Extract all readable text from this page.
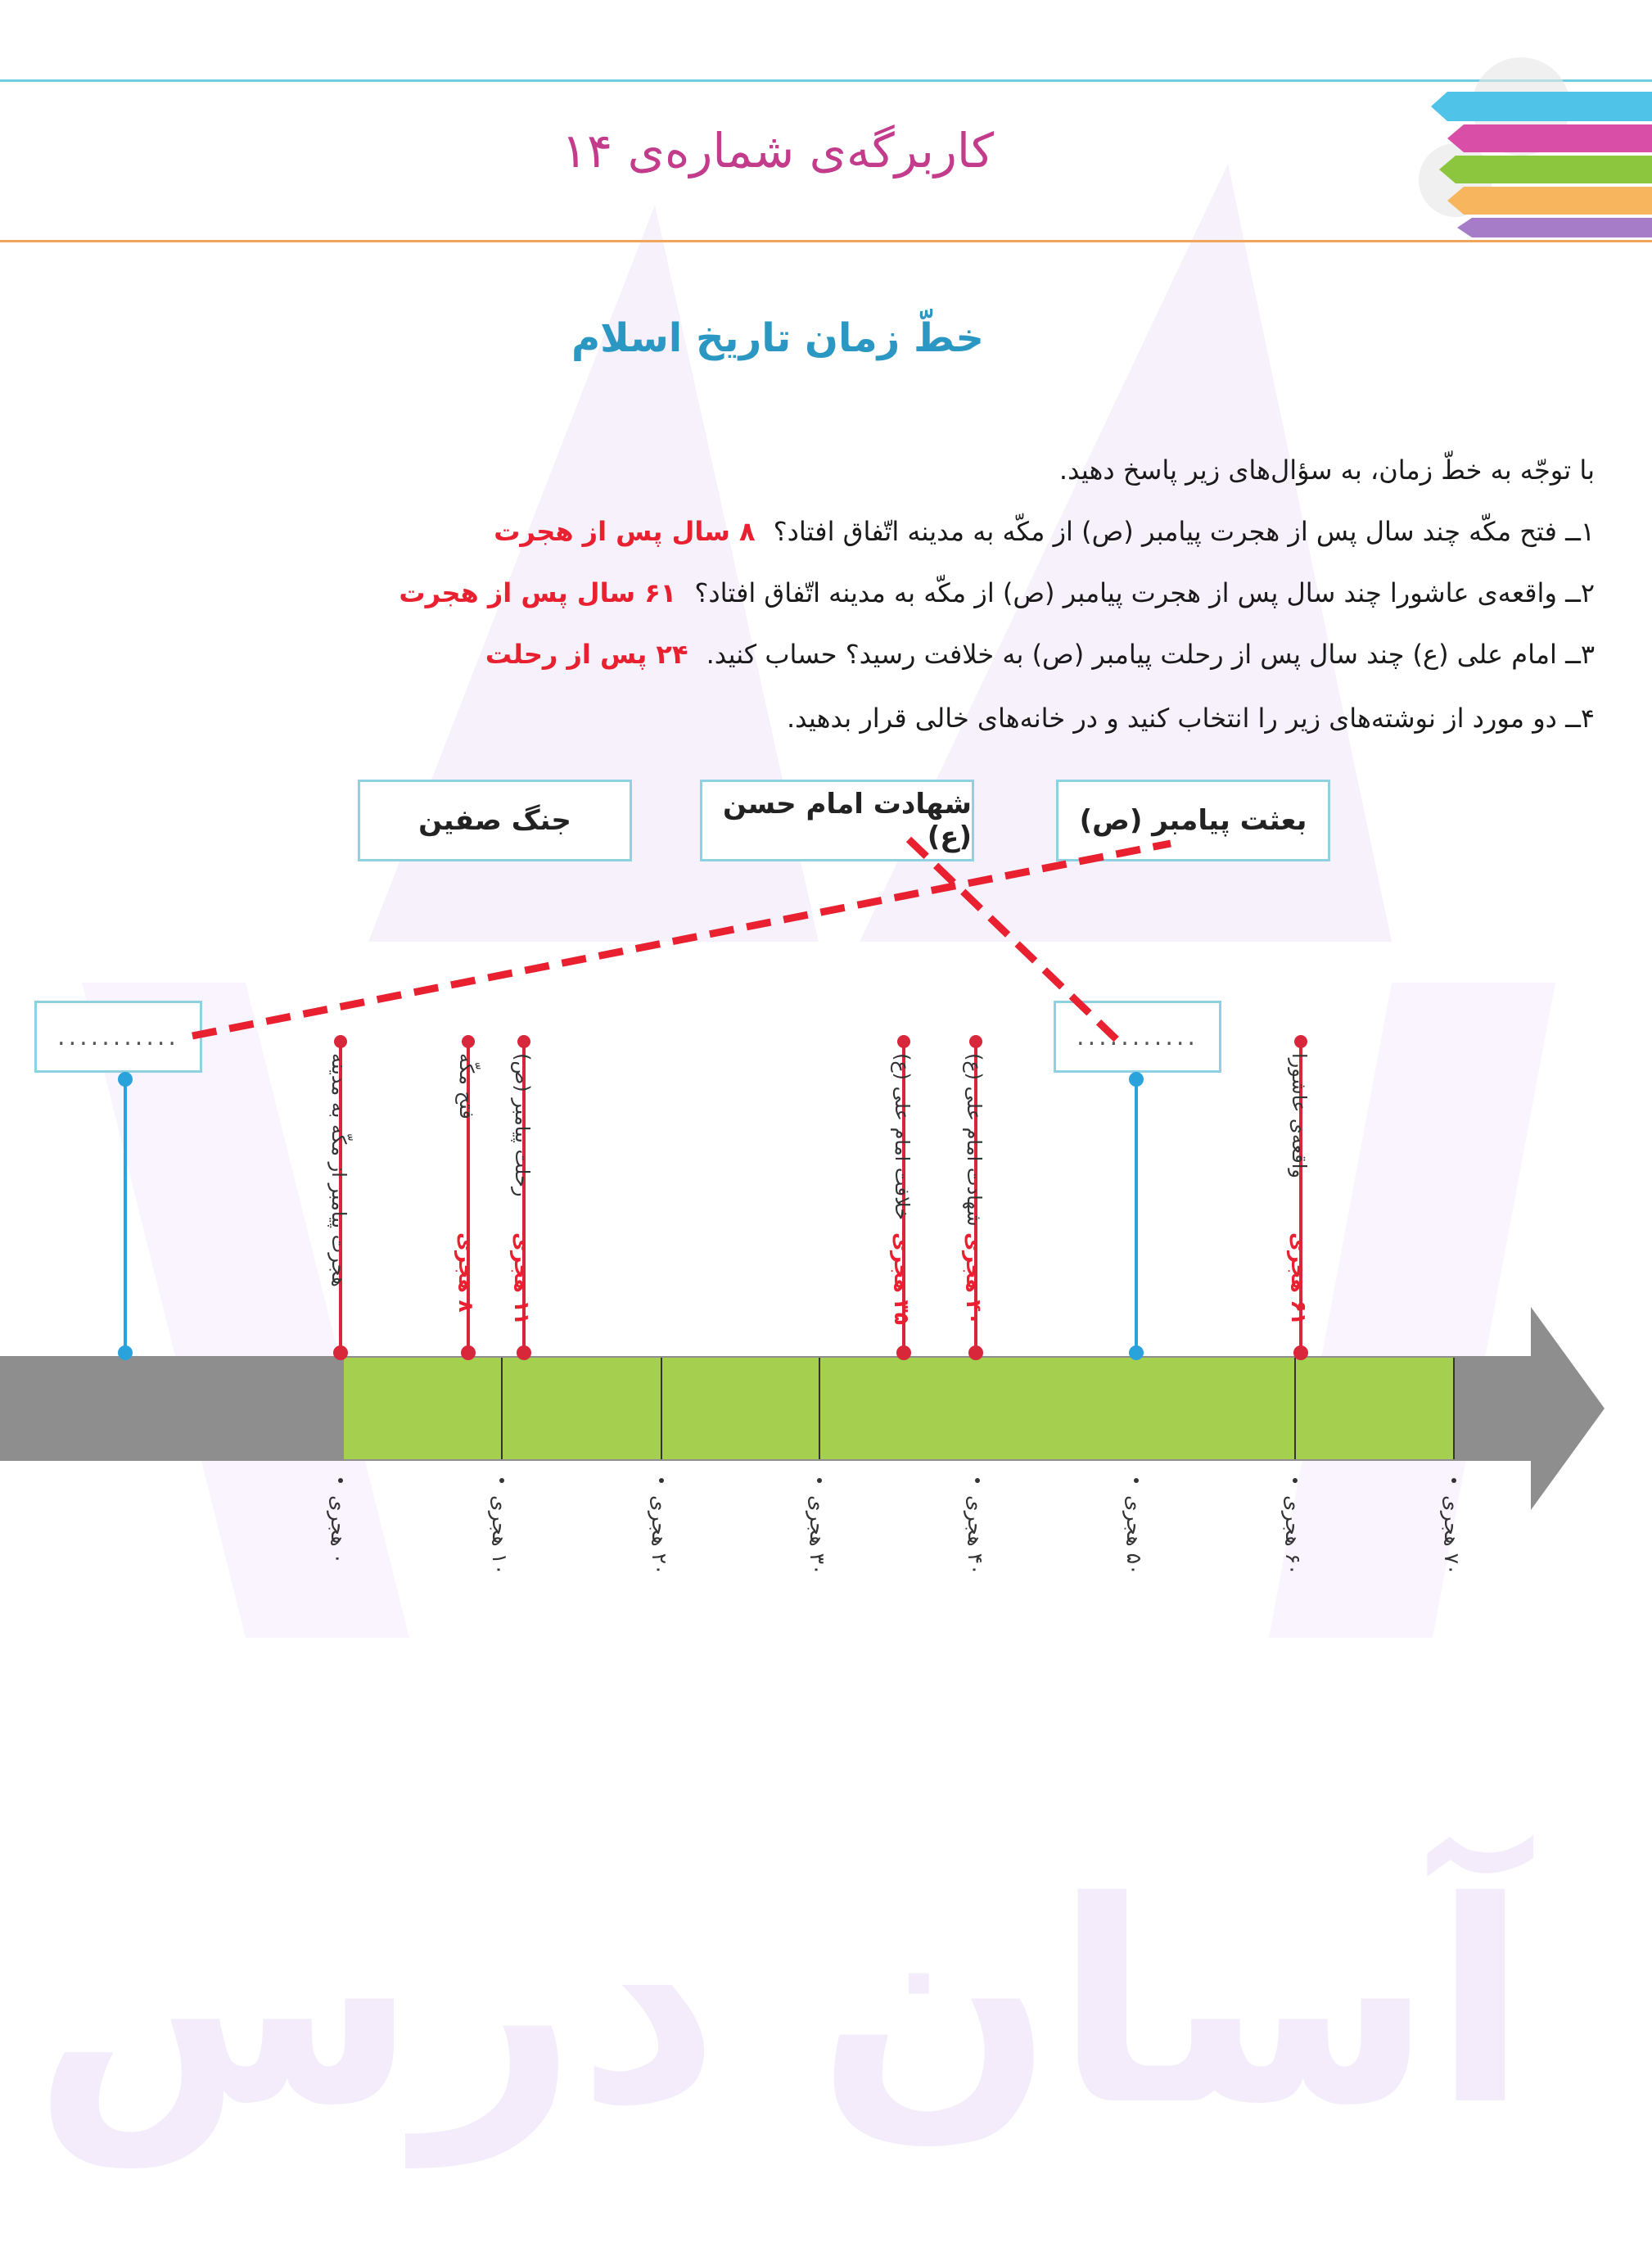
آسان درس
کاربرگه‌ی شماره‌ی ۱۴
خطّ زمان تاریخ اسلام
با توجّه به خطّ زمان، به سؤال‌های زیر پاسخ دهید.
۱ــ فتح مکّه چند سال پس از هجرت پیامبر (ص) از مکّه به مدینه اتّفاق افتاد؟ ۸ سال پس از هجرت
۲ــ واقعه‌ی عاشورا چند سال پس از هجرت پیامبر (ص) از مکّه به مدینه اتّفاق افتاد؟ ۶۱ سال پس از هجرت
۳ــ امام علی (ع) چند سال پس از رحلت پیامبر (ص) به خلافت رسید؟ حساب کنید. ۲۴ پس از رحلت
۴ــ دو مورد از نوشته‌های زیر را انتخاب کنید و در خانه‌های خالی قرار بدهید.
بعثت پیامبر (ص)
شهادت امام حسن (ع)
جنگ صفین
...........	...........
هجرت پیامبر از مکّه به مدینه	فتح مکّه
۸ هجری
رحلت پیامبر (ص)
۱۱ هجری
خلافت امام علی (ع)
۳۵ هجری
شهادت امام علی (ع)
۴۰ هجری
واقعه‌ی عاشورا
۶۱ هجری
۰ هجری
۱۰ هجری
۲۰ هجری
۳۰ هجری
۴۰ هجری
۵۰ هجری
۶۰ هجری
۷۰ هجری
